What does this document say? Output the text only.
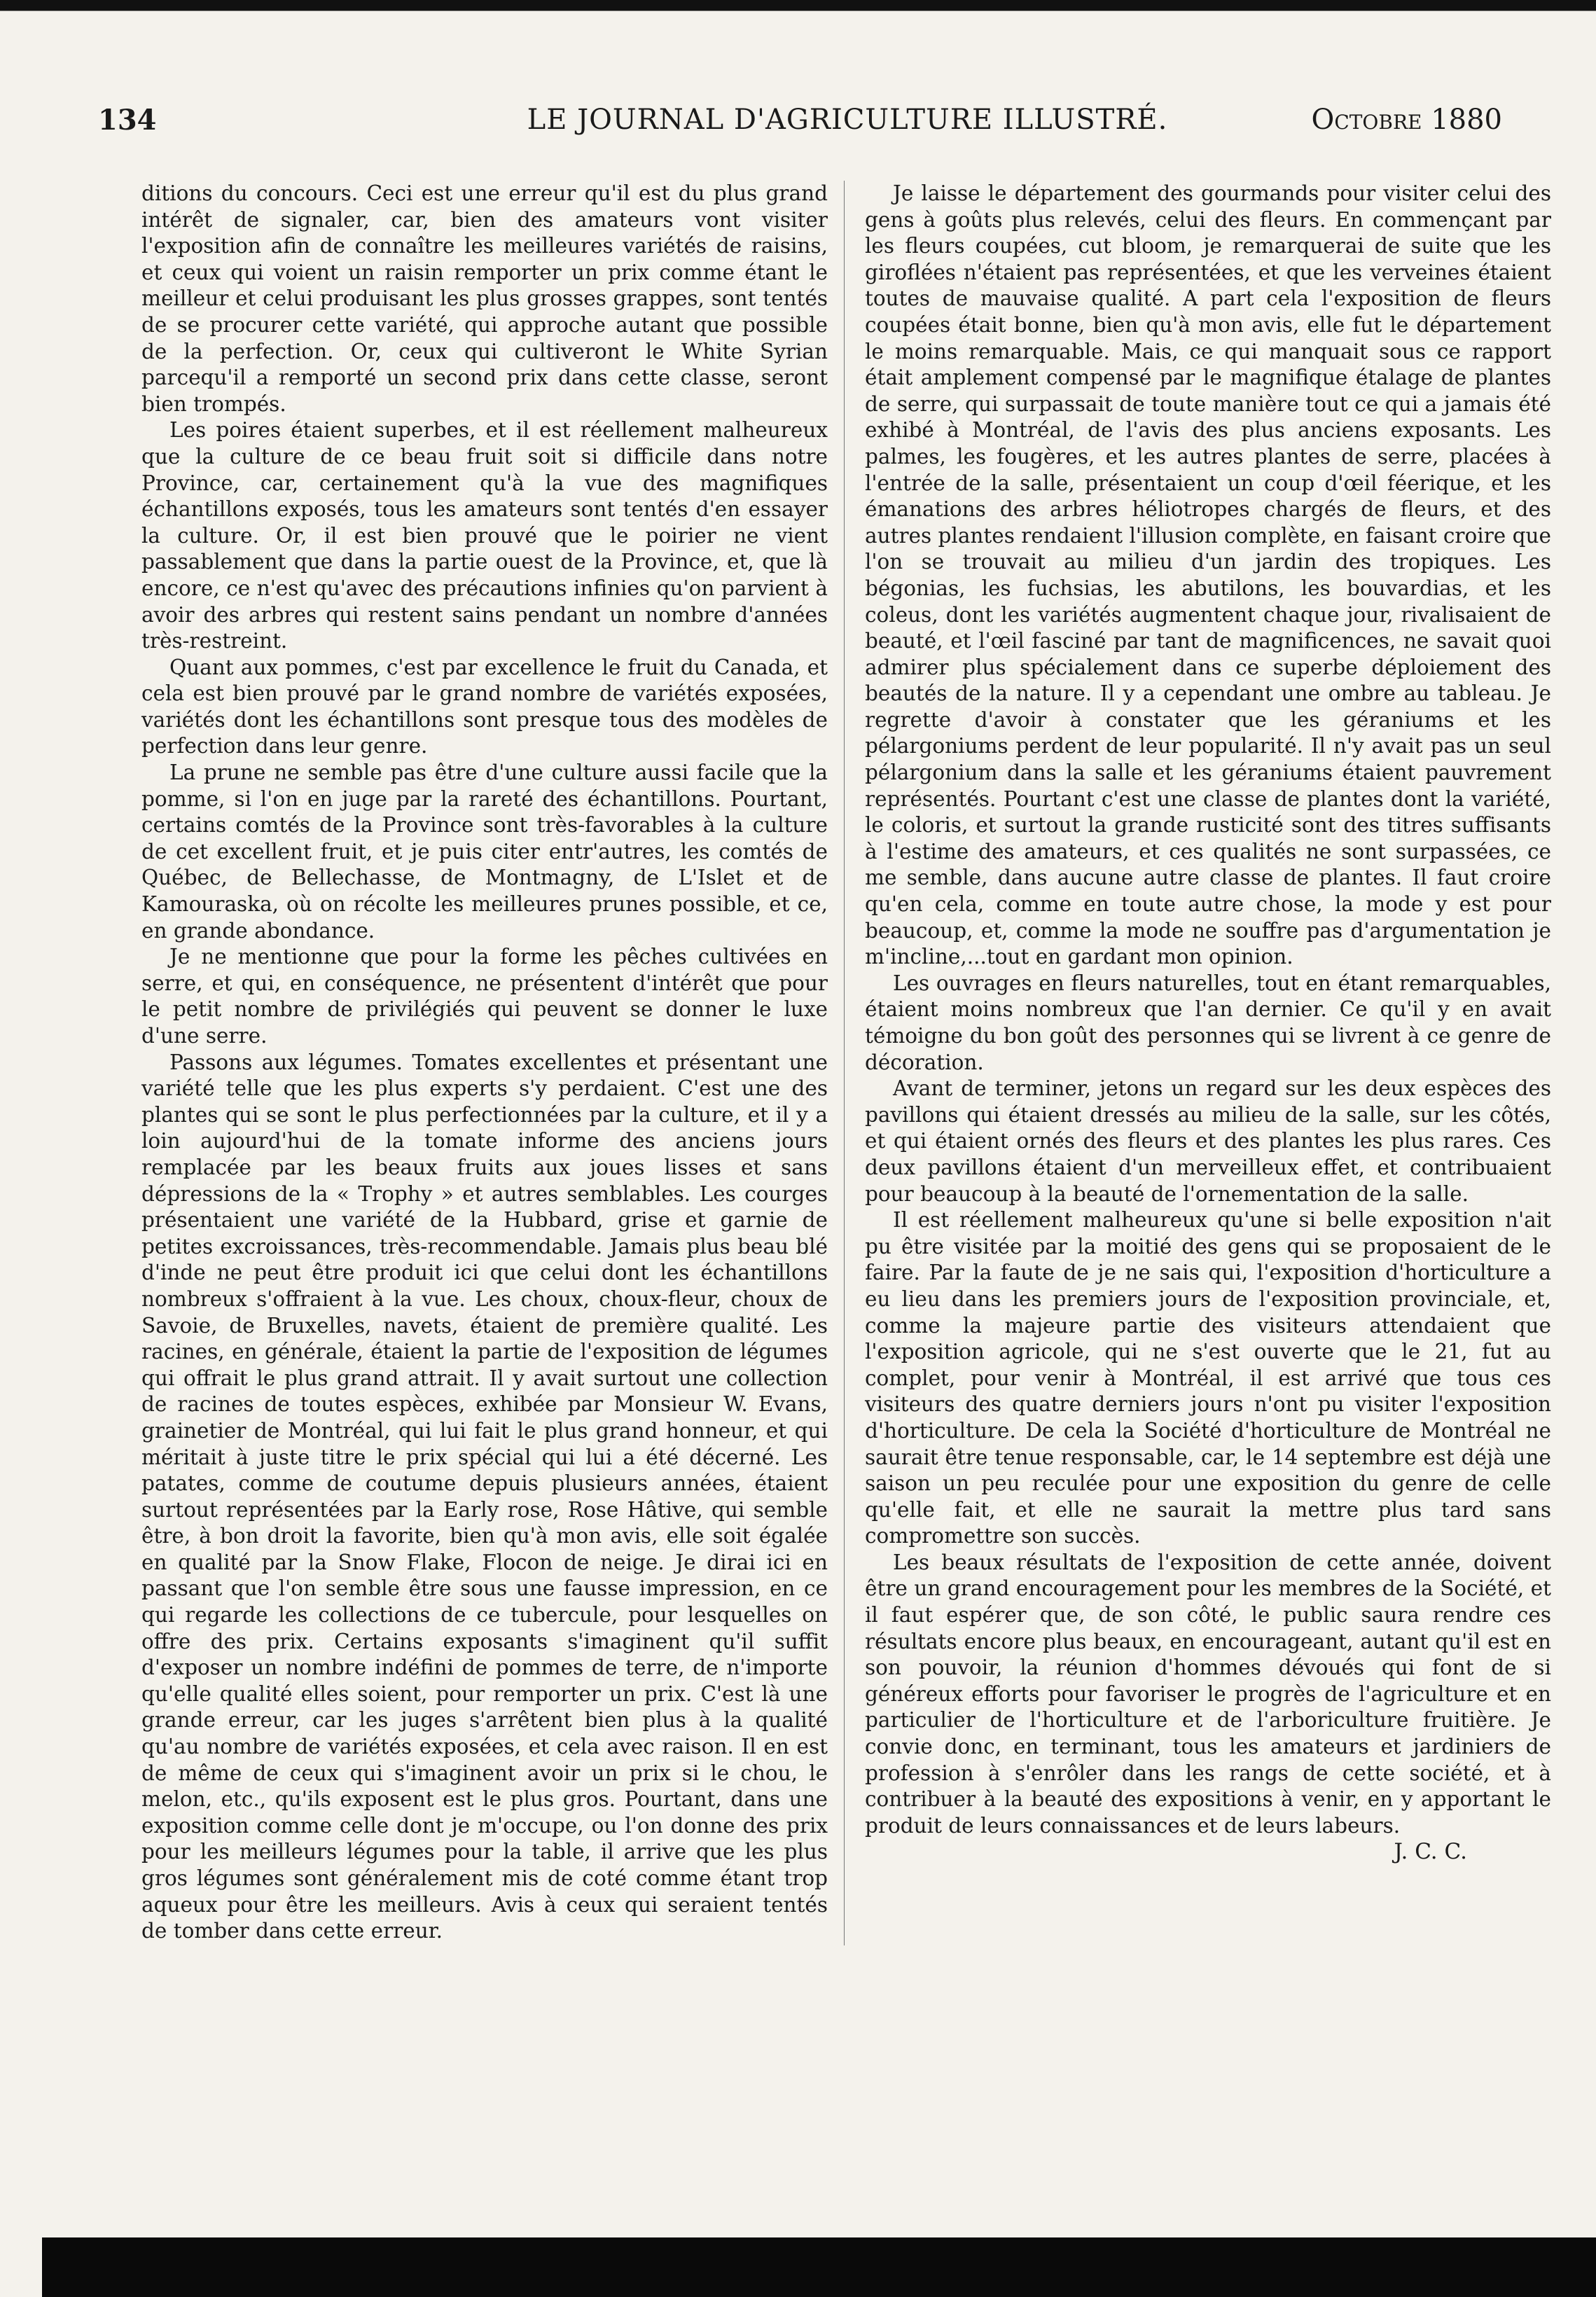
134	LE JOURNAL D'AGRICULTURE ILLUSTRÉ.	Octobre 1880

ditions du concours. Ceci est une erreur qu'il est du plus grand intérêt de signaler, car, bien des amateurs vont visiter l'exposition afin de connaître les meilleures variétés de raisins, et ceux qui voient un raisin remporter un prix comme étant le meilleur et celui produisant les plus grosses grappes, sont tentés de se procurer cette variété, qui approche autant que possible de la perfection. Or, ceux qui cultiveront le White Syrian parcequ'il a remporté un second prix dans cette classe, seront bien trompés.

Les poires étaient superbes, et il est réellement malheureux que la culture de ce beau fruit soit si difficile dans notre Province, car, certainement qu'à la vue des magnifiques échantillons exposés, tous les amateurs sont tentés d'en essayer la culture. Or, il est bien prouvé que le poirier ne vient passablement que dans la partie ouest de la Province, et, que là encore, ce n'est qu'avec des précautions infinies qu'on parvient à avoir des arbres qui restent sains pendant un nombre d'années très-restreint.

Quant aux pommes, c'est par excellence le fruit du Canada, et cela est bien prouvé par le grand nombre de variétés exposées, variétés dont les échantillons sont presque tous des modèles de perfection dans leur genre.

La prune ne semble pas être d'une culture aussi facile que la pomme, si l'on en juge par la rareté des échantillons. Pourtant, certains comtés de la Province sont très-favorables à la culture de cet excellent fruit, et je puis citer entr'autres, les comtés de Québec, de Bellechasse, de Montmagny, de L'Islet et de Kamouraska, où on récolte les meilleures prunes possible, et ce, en grande abondance.

Je ne mentionne que pour la forme les pêches cultivées en serre, et qui, en conséquence, ne présentent d'intérêt que pour le petit nombre de privilégiés qui peuvent se donner le luxe d'une serre.

Passons aux légumes. Tomates excellentes et présentant une variété telle que les plus experts s'y perdaient. C'est une des plantes qui se sont le plus perfectionnées par la culture, et il y a loin aujourd'hui de la tomate informe des anciens jours remplacée par les beaux fruits aux joues lisses et sans dépressions de la « Trophy » et autres semblables. Les courges présentaient une variété de la Hubbard, grise et garnie de petites excroissances, très-recommendable. Jamais plus beau blé d'inde ne peut être produit ici que celui dont les échantillons nombreux s'offraient à la vue. Les choux, choux-fleur, choux de Savoie, de Bruxelles, navets, étaient de première qualité. Les racines, en générale, étaient la partie de l'exposition de légumes qui offrait le plus grand attrait. Il y avait surtout une collection de racines de toutes espèces, exhibée par Monsieur W. Evans, grainetier de Montréal, qui lui fait le plus grand honneur, et qui méritait à juste titre le prix spécial qui lui a été décerné. Les patates, comme de coutume depuis plusieurs années, étaient surtout représentées par la Early rose, Rose Hâtive, qui semble être, à bon droit la favorite, bien qu'à mon avis, elle soit égalée en qualité par la Snow Flake, Flocon de neige. Je dirai ici en passant que l'on semble être sous une fausse impression, en ce qui regarde les collections de ce tubercule, pour lesquelles on offre des prix. Certains exposants s'imaginent qu'il suffit d'exposer un nombre indéfini de pommes de terre, de n'importe qu'elle qualité elles soient, pour remporter un prix. C'est là une grande erreur, car les juges s'arrêtent bien plus à la qualité qu'au nombre de variétés exposées, et cela avec raison. Il en est de même de ceux qui s'imaginent avoir un prix si le chou, le melon, etc., qu'ils exposent est le plus gros. Pourtant, dans une exposition comme celle dont je m'occupe, ou l'on donne des prix pour les meilleurs légumes pour la table, il arrive que les plus gros légumes sont généralement mis de coté comme étant trop aqueux pour être les meilleurs. Avis à ceux qui seraient tentés de tomber dans cette erreur.

Je laisse le département des gourmands pour visiter celui des gens à goûts plus relevés, celui des fleurs. En commençant par les fleurs coupées, cut bloom, je remarquerai de suite que les giroflées n'étaient pas représentées, et que les verveines étaient toutes de mauvaise qualité. A part cela l'exposition de fleurs coupées était bonne, bien qu'à mon avis, elle fut le département le moins remarquable. Mais, ce qui manquait sous ce rapport était amplement compensé par le magnifique étalage de plantes de serre, qui surpassait de toute manière tout ce qui a jamais été exhibé à Montréal, de l'avis des plus anciens exposants. Les palmes, les fougères, et les autres plantes de serre, placées à l'entrée de la salle, présentaient un coup d'œil féerique, et les émanations des arbres héliotropes chargés de fleurs, et des autres plantes rendaient l'illusion complète, en faisant croire que l'on se trouvait au milieu d'un jardin des tropiques. Les bégonias, les fuchsias, les abutilons, les bouvardias, et les coleus, dont les variétés augmentent chaque jour, rivalisaient de beauté, et l'œil fasciné par tant de magnificences, ne savait quoi admirer plus spécialement dans ce superbe déploiement des beautés de la nature. Il y a cependant une ombre au tableau. Je regrette d'avoir à constater que les géraniums et les pélargoniums perdent de leur popularité. Il n'y avait pas un seul pélargonium dans la salle et les géraniums étaient pauvrement représentés. Pourtant c'est une classe de plantes dont la variété, le coloris, et surtout la grande rusticité sont des titres suffisants à l'estime des amateurs, et ces qualités ne sont surpassées, ce me semble, dans aucune autre classe de plantes. Il faut croire qu'en cela, comme en toute autre chose, la mode y est pour beaucoup, et, comme la mode ne souffre pas d'argumentation je m'incline,...tout en gardant mon opinion.

Les ouvrages en fleurs naturelles, tout en étant remarquables, étaient moins nombreux que l'an dernier. Ce qu'il y en avait témoigne du bon goût des personnes qui se livrent à ce genre de décoration.

Avant de terminer, jetons un regard sur les deux espèces des pavillons qui étaient dressés au milieu de la salle, sur les côtés, et qui étaient ornés des fleurs et des plantes les plus rares. Ces deux pavillons étaient d'un merveilleux effet, et contribuaient pour beaucoup à la beauté de l'ornementation de la salle.

Il est réellement malheureux qu'une si belle exposition n'ait pu être visitée par la moitié des gens qui se proposaient de le faire. Par la faute de je ne sais qui, l'exposition d'horticulture a eu lieu dans les premiers jours de l'exposition provinciale, et, comme la majeure partie des visiteurs attendaient que l'exposition agricole, qui ne s'est ouverte que le 21, fut au complet, pour venir à Montréal, il est arrivé que tous ces visiteurs des quatre derniers jours n'ont pu visiter l'exposition d'horticulture. De cela la Société d'horticulture de Montréal ne saurait être tenue responsable, car, le 14 septembre est déjà une saison un peu reculée pour une exposition du genre de celle qu'elle fait, et elle ne saurait la mettre plus tard sans compromettre son succès.

Les beaux résultats de l'exposition de cette année, doivent être un grand encouragement pour les membres de la Société, et il faut espérer que, de son côté, le public saura rendre ces résultats encore plus beaux, en encourageant, autant qu'il est en son pouvoir, la réunion d'hommes dévoués qui font de si généreux efforts pour favoriser le progrès de l'agriculture et en particulier de l'horticulture et de l'arboriculture fruitière. Je convie donc, en terminant, tous les amateurs et jardiniers de profession à s'enrôler dans les rangs de cette société, et à contribuer à la beauté des expositions à venir, en y apportant le produit de leurs connaissances et de leurs labeurs.

J. C. C.
